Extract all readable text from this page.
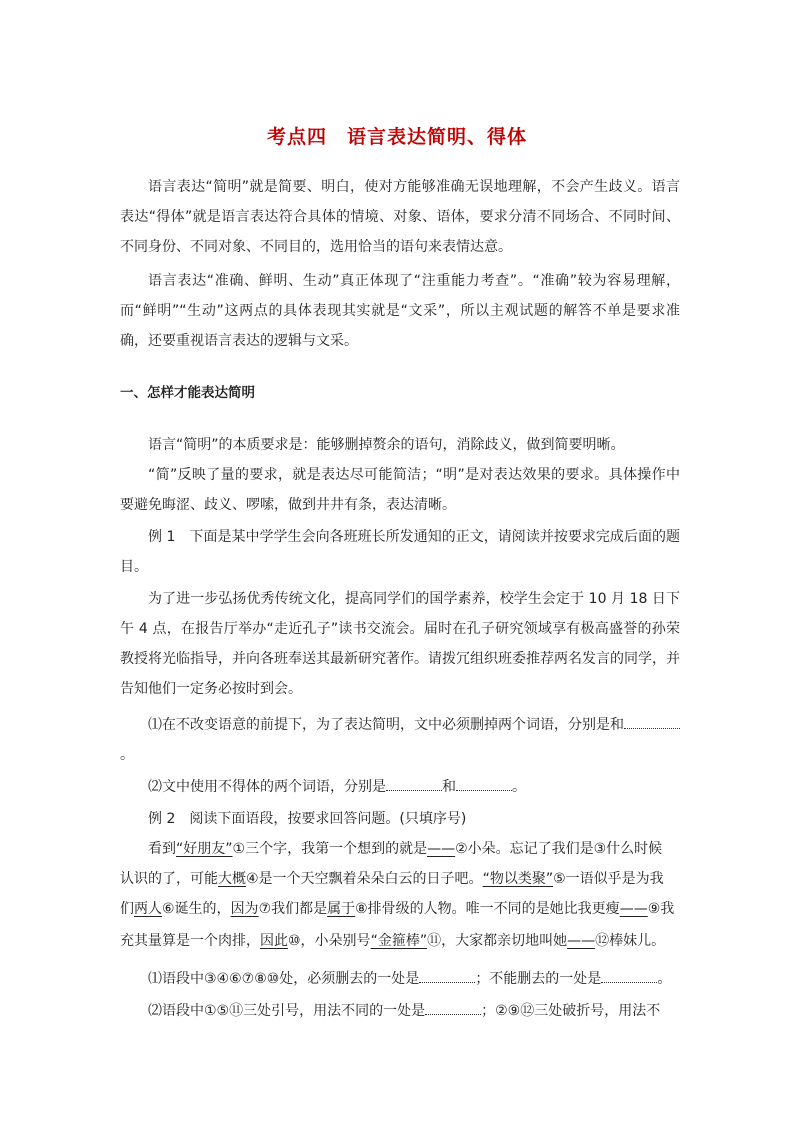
考点四　语言表达简明、得体
语言表达“简明”就是简要、明白，使对方能够准确无误地理解，不会产生歧义。语言表达“得体”就是语言表达符合具体的情境、对象、语体，要求分清不同场合、不同时间、不同身份、不同对象、不同目的，选用恰当的语句来表情达意。
语言表达“准确、鲜明、生动”真正体现了“注重能力考查”。“准确”较为容易理解，而“鲜明”“生动”这两点的具体表现其实就是“文采”，所以主观试题的解答不单是要求准确，还要重视语言表达的逻辑与文采。
一、怎样才能表达简明
语言“简明”的本质要求是：能够删掉赘余的语句，消除歧义，做到简要明晰。
“简”反映了量的要求，就是表达尽可能简洁；“明”是对表达效果的要求。具体操作中要避免晦涩、歧义、啰嗦，做到井井有条，表达清晰。
例 1　下面是某中学学生会向各班班长所发通知的正文，请阅读并按要求完成后面的题目。
为了进一步弘扬优秀传统文化，提高同学们的国学素养，校学生会定于 10 月 18 日下午 4 点，在报告厅举办“走近孔子”读书交流会。届时在孔子研究领域享有极高盛誉的孙荣教授将光临指导，并向各班奉送其最新研究著作。请拨冗组织班委推荐两名发言的同学，并告知他们一定务必按时到会。
⑴在不改变语意的前提下，为了表达简明，文中必须删掉两个词语，分别是和。
⑵文中使用不得体的两个词语，分别是	和	。
例 2　阅读下面语段，按要求回答问题。(只填序号)
看到“好朋友”①三个字，我第一个想到的就是——②小朵。忘记了我们是③什么时候
认识的了，可能大概④是一个天空飘着朵朵白云的日子吧。“物以类聚”⑤一语似乎是为我
们两人⑥诞生的，因为⑦我们都是属于⑧排骨级的人物。唯一不同的是她比我更瘦——⑨我
充其量算是一个肉排，因此⑩，小朵别号“金箍棒”⑪，大家都亲切地叫她——⑫棒妹儿。
⑴语段中③④⑥⑦⑧⑩处，必须删去的一处是	；不能删去的一处是	。
⑵语段中①⑤⑪三处引号，用法不同的一处是	；②⑨⑫三处破折号，用法不
